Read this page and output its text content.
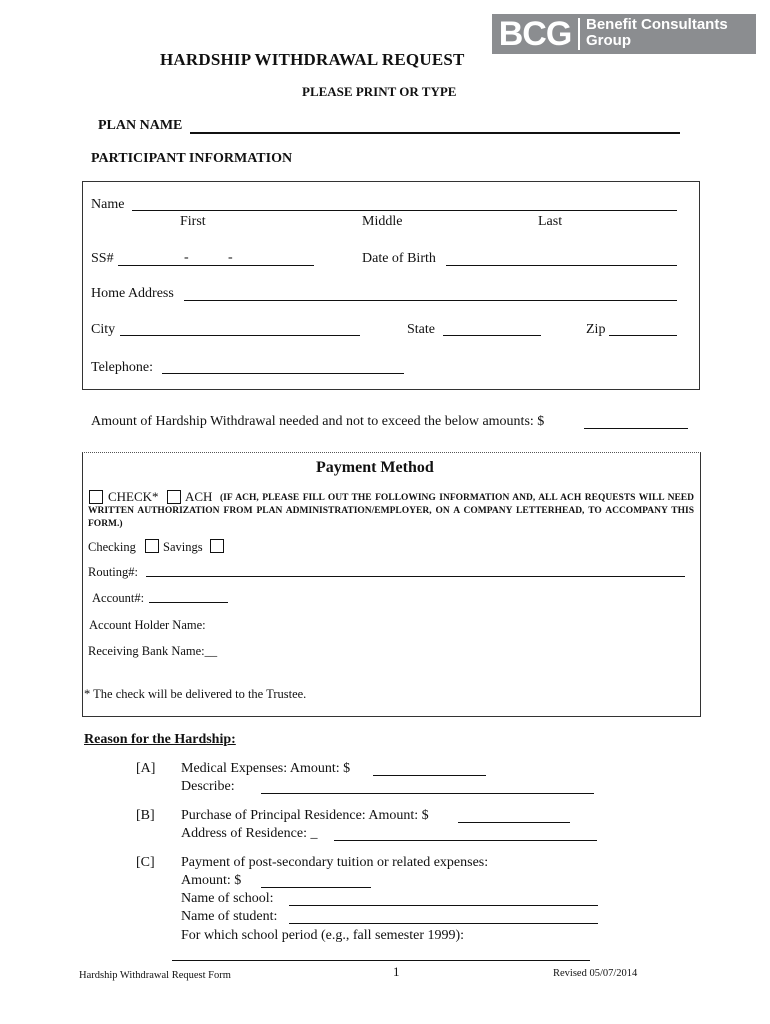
BCG Benefit Consultants
Group
HARDSHIP WITHDRAWAL REQUEST
PLEASE PRINT OR TYPE
PLAN NAME
PARTICIPANT INFORMATION
Name
First	Middle	Last
SS#	-	-	Date of Birth
Home Address
City	State	Zip
Telephone:
Amount of Hardship Withdrawal needed and not to exceed the below amounts: $
Payment Method
CHECK* ACH (IF ACH, PLEASE FILL OUT THE FOLLOWING INFORMATION AND, ALL ACH REQUESTS WILL NEED WRITTEN AUTHORIZATION FROM PLAN ADMINISTRATION/EMPLOYER, ON A COMPANY LETTERHEAD, TO ACCOMPANY THIS FORM.)
Checking Savings
Routing#:
Account#:
Account Holder Name:
Receiving Bank Name:__
* The check will be delivered to the Trustee.
Reason for the Hardship:
[A] Medical Expenses: Amount: $
Describe:
[B] Purchase of Principal Residence: Amount: $
Address of Residence: _
[C] Payment of post-secondary tuition or related expenses:
Amount: $
Name of school:
Name of student:
For which school period (e.g., fall semester 1999):
Hardship Withdrawal Request Form	1	Revised 05/07/2014
